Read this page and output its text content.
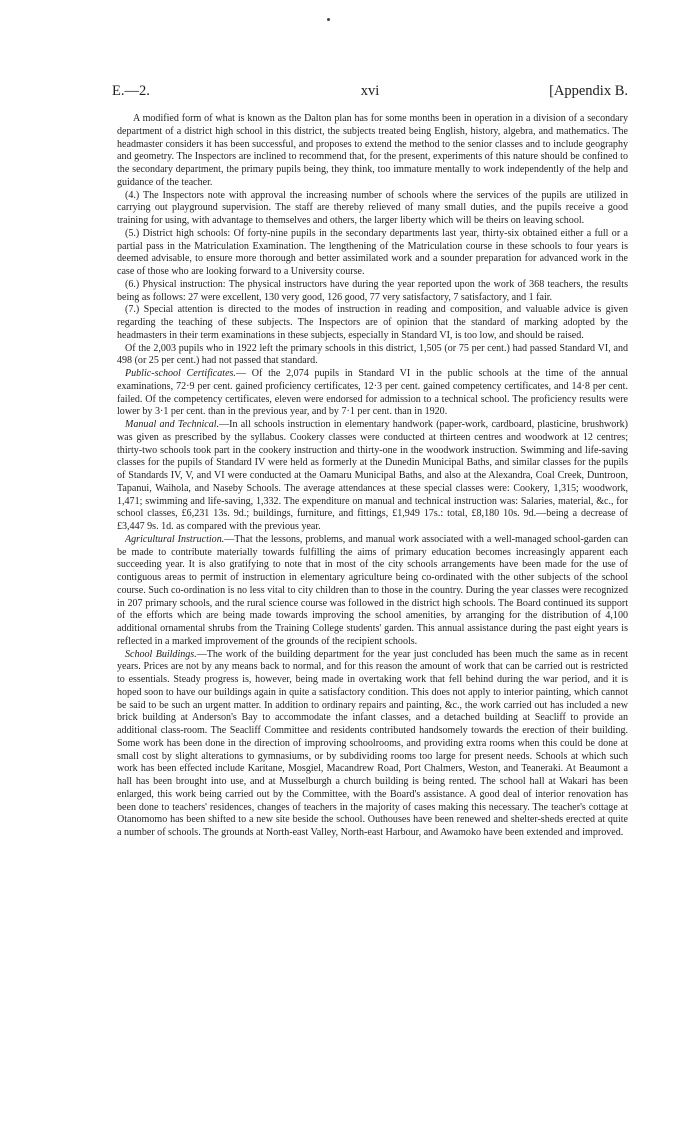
E.—2.	xvi	[Appendix B.

A modified form of what is known as the Dalton plan has for some months been in operation in a division of a secondary department of a district high school in this district, the subjects treated being English, history, algebra, and mathematics. The headmaster considers it has been successful, and proposes to extend the method to the senior classes and to include geography and geometry. The Inspectors are inclined to recommend that, for the present, experiments of this nature should be confined to the secondary department, the primary pupils being, they think, too immature mentally to work independently of the help and guidance of the teacher.

(4.) The Inspectors note with approval the increasing number of schools where the services of the pupils are utilized in carrying out playground supervision. The staff are thereby relieved of many small duties, and the pupils receive a good training for using, with advantage to themselves and others, the larger liberty which will be theirs on leaving school.

(5.) District high schools: Of forty-nine pupils in the secondary departments last year, thirty-six obtained either a full or a partial pass in the Matriculation Examination. The lengthening of the Matriculation course in these schools to four years is deemed advisable, to ensure more thorough and better assimilated work and a sounder preparation for advanced work in the case of those who are looking forward to a University course.

(6.) Physical instruction: The physical instructors have during the year reported upon the work of 368 teachers, the results being as follows: 27 were excellent, 130 very good, 126 good, 77 very satisfactory, 7 satisfactory, and 1 fair.

(7.) Special attention is directed to the modes of instruction in reading and composition, and valuable advice is given regarding the teaching of these subjects. The Inspectors are of opinion that the standard of marking adopted by the headmasters in their term examinations in these subjects, especially in Standard VI, is too low, and should be raised.

Of the 2,003 pupils who in 1922 left the primary schools in this district, 1,505 (or 75 per cent.) had passed Standard VI, and 498 (or 25 per cent.) had not passed that standard.

Public-school Certificates.— Of the 2,074 pupils in Standard VI in the public schools at the time of the annual examinations, 72·9 per cent. gained proficiency certificates, 12·3 per cent. gained competency certificates, and 14·8 per cent. failed. Of the competency certificates, eleven were endorsed for admission to a technical school. The proficiency results were lower by 3·1 per cent. than in the previous year, and by 7·1 per cent. than in 1920.

Manual and Technical.—In all schools instruction in elementary handwork (paper-work, cardboard, plasticine, brushwork) was given as prescribed by the syllabus. Cookery classes were conducted at thirteen centres and woodwork at 12 centres; thirty-two schools took part in the cookery instruction and thirty-one in the woodwork instruction. Swimming and life-saving classes for the pupils of Standard IV were held as formerly at the Dunedin Municipal Baths, and similar classes for the pupils of Standards IV, V, and VI were conducted at the Oamaru Municipal Baths, and also at the Alexandra, Coal Creek, Duntroon, Tapanui, Waihola, and Naseby Schools. The average attendances at these special classes were: Cookery, 1,315; woodwork, 1,471; swimming and life-saving, 1,332. The expenditure on manual and technical instruction was: Salaries, material, &c., for school classes, £6,231 13s. 9d.; buildings, furniture, and fittings, £1,949 17s.: total, £8,180 10s. 9d.—being a decrease of £3,447 9s. 1d. as compared with the previous year.

Agricultural Instruction.—That the lessons, problems, and manual work associated with a well-managed school-garden can be made to contribute materially towards fulfilling the aims of primary education becomes increasingly apparent each succeeding year. It is also gratifying to note that in most of the city schools arrangements have been made for the use of contiguous areas to permit of instruction in elementary agriculture being co-ordinated with the other subjects of the school course. Such co-ordination is no less vital to city children than to those in the country. During the year classes were recognized in 207 primary schools, and the rural science course was followed in the district high schools. The Board continued its support of the efforts which are being made towards improving the school amenities, by arranging for the distribution of 4,100 additional ornamental shrubs from the Training College students' garden. This annual assistance during the past eight years is reflected in a marked improvement of the grounds of the recipient schools.

School Buildings.—The work of the building department for the year just concluded has been much the same as in recent years. Prices are not by any means back to normal, and for this reason the amount of work that can be carried out is restricted to essentials. Steady progress is, however, being made in overtaking work that fell behind during the war period, and it is hoped soon to have our buildings again in quite a satisfactory condition. This does not apply to interior painting, which cannot be said to be such an urgent matter. In addition to ordinary repairs and painting, &c., the work carried out has included a new brick building at Anderson's Bay to accommodate the infant classes, and a detached building at Seacliff to provide an additional class-room. The Seacliff Committee and residents contributed handsomely towards the erection of their building. Some work has been done in the direction of improving schoolrooms, and providing extra rooms when this could be done at small cost by slight alterations to gymnasiums, or by subdividing rooms too large for present needs. Schools at which such work has been effected include Karitane, Mosgiel, Macandrew Road, Port Chalmers, Weston, and Teaneraki. At Beaumont a hall has been brought into use, and at Musselburgh a church building is being rented. The school hall at Wakari has been enlarged, this work being carried out by the Committee, with the Board's assistance. A good deal of interior renovation has been done to teachers' residences, changes of teachers in the majority of cases making this necessary. The teacher's cottage at Otanomomo has been shifted to a new site beside the school. Outhouses have been renewed and shelter-sheds erected at quite a number of schools. The grounds at North-east Valley, North-east Harbour, and Awamoko have been extended and improved.
